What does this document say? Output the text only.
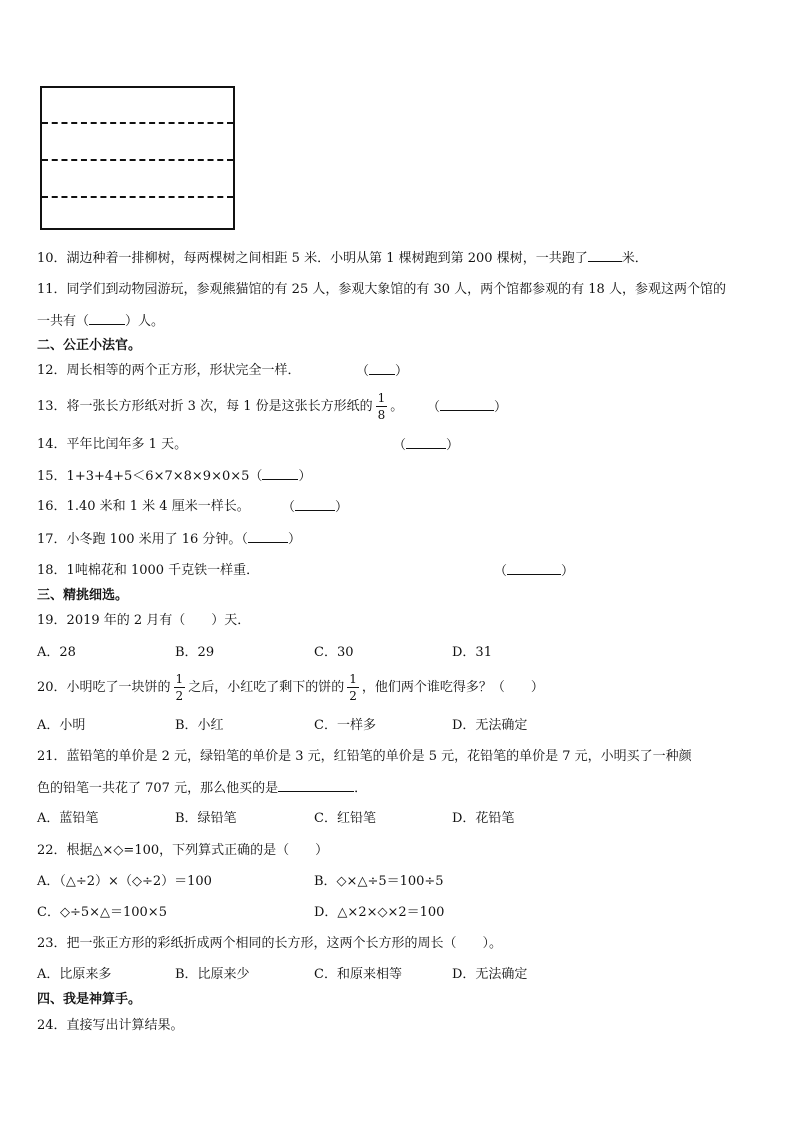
10．湖边种着一排柳树，每两棵树之间相距 5 米．小明从第 1 棵树跑到第 200 棵树，一共跑了	米．
11．同学们到动物园游玩，参观熊猫馆的有 25 人，参观大象馆的有 30 人，两个馆都参观的有 18 人，参观这两个馆的
一共有（	）人。
二、公正小法官。
12．周长相等的两个正方形，形状完全一样．	（ ）
13．将一张长方形纸对折 3 次，每 1 份是这张长方形纸的 $\frac{1}{8}$ 。 （	）
14．平年比闰年多 1 天。	（	）
15．1+3+4+5＜6×7×8×9×0×5（	）
16．1.40 米和 1 米 4 厘米一样长。 （	）
17．小冬跑 100 米用了 16 分钟。（	）
18．1吨棉花和 1000 千克铁一样重．	（	）
三、精挑细选。
19．2019 年的 2 月有（　　）天．
A．28	B．29	C．30	D．31
20．小明吃了一块饼的 $\frac{1}{2}$ 之后，小红吃了剩下的饼的 $\frac{1}{2}$ ，他们两个谁吃得多？（　　）
A．小明	B．小红	C．一样多	D．无法确定
21．蓝铅笔的单价是 2 元，绿铅笔的单价是 3 元，红铅笔的单价是 5 元，花铅笔的单价是 7 元，小明买了一种颜
色的铅笔一共花了 707 元，那么他买的是	．
A．蓝铅笔	B．绿铅笔	C．红铅笔	D．花铅笔
22．根据△×◇=100，下列算式正确的是（　　）
A．（△÷2）×（◇÷2）＝100	B．◇×△÷5＝100÷5
C．◇÷5×△＝100×5	D．△×2×◇×2＝100
23．把一张正方形的彩纸折成两个相同的长方形，这两个长方形的周长（　　）。
A．比原来多	B．比原来少	C．和原来相等	D．无法确定
四、我是神算手。
24．直接写出计算结果。
